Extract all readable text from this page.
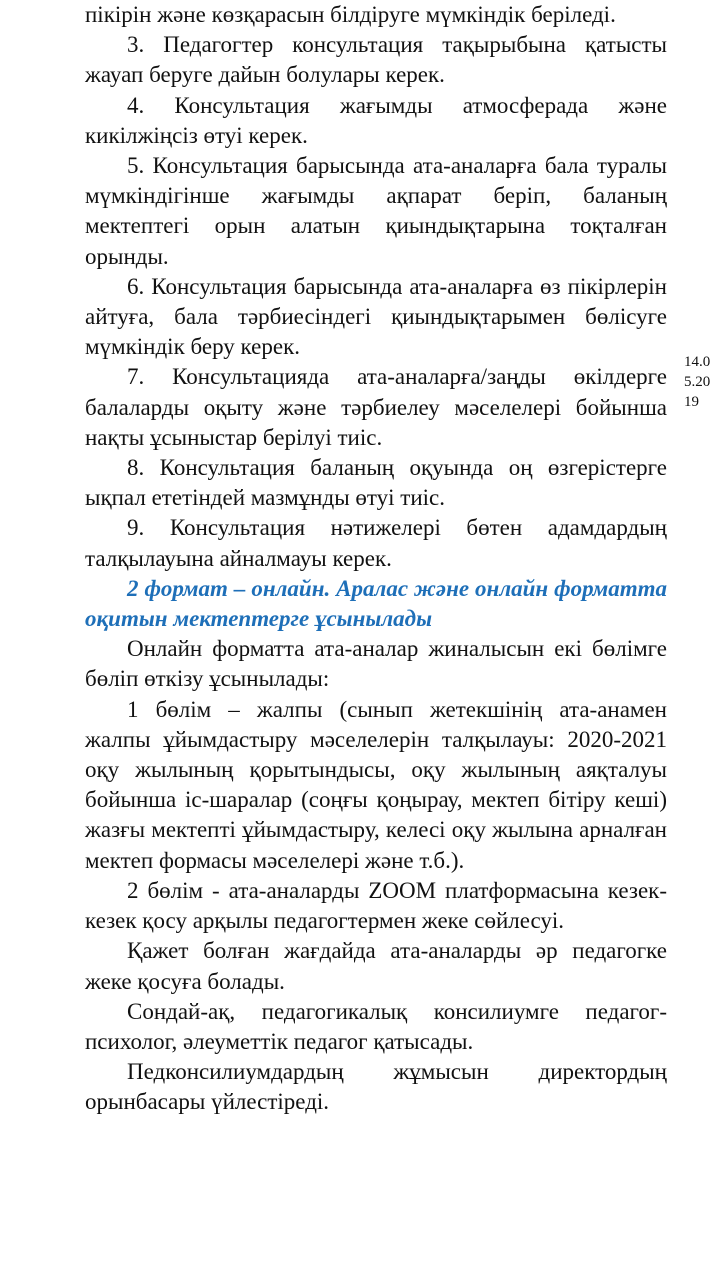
пікірін және көзқарасын білдіруге мүмкіндік беріледі.

3. Педагогтер консультация тақырыбына қатысты жауап беруге дайын болулары керек.

4. Консультация жағымды атмосферада және кикілжіңсіз өтуі керек.

5. Консультация барысында ата-аналарға бала туралы мүмкіндігінше жағымды ақпарат беріп, баланың мектептегі орын алатын қиындықтарына тоқталған орынды.

6. Консультация барысында ата-аналарға өз пікірлерін айтуға, бала тәрбиесіндегі қиындықтарымен бөлісуге мүмкіндік беру керек.

7. Консультацияда ата-аналарға/заңды өкілдерге балаларды оқыту және тәрбиелеу мәселелері бойынша нақты ұсыныстар берілуі тиіс.

8. Консультация баланың оқуында оң өзгерістерге ықпал ететіндей мазмұнды өтуі тиіс.

9. Консультация нәтижелері бөтен адамдардың талқылауына айналмауы керек.

2 формат – онлайн. Аралас және онлайн форматта оқитын мектептерге ұсынылады

Онлайн форматта ата-аналар жиналысын екі бөлімге бөліп өткізу ұсынылады:

1 бөлім – жалпы (сынып жетекшінің ата-анамен жалпы ұйымдастыру мәселелерін талқылауы: 2020-2021 оқу жылының қорытындысы, оқу жылының аяқталуы бойынша іс-шаралар (соңғы қоңырау, мектеп бітіру кеші) жазғы мектепті ұйымдастыру, келесі оқу жылына арналған мектеп формасы мәселелері және т.б.).

2 бөлім - ата-аналарды ZOOM платформасына кезек-кезек қосу арқылы педагогтермен жеке сөйлесуі.

Қажет болған жағдайда ата-аналарды әр педагогке жеке қосуға болады.

Сондай-ақ, педагогикалық консилиумге педагог-психолог, әлеуметтік педагог қатысады.

Педконсилиумдардың жұмысын директордың орынбасары үйлестіреді.

14.0
5.20
19
